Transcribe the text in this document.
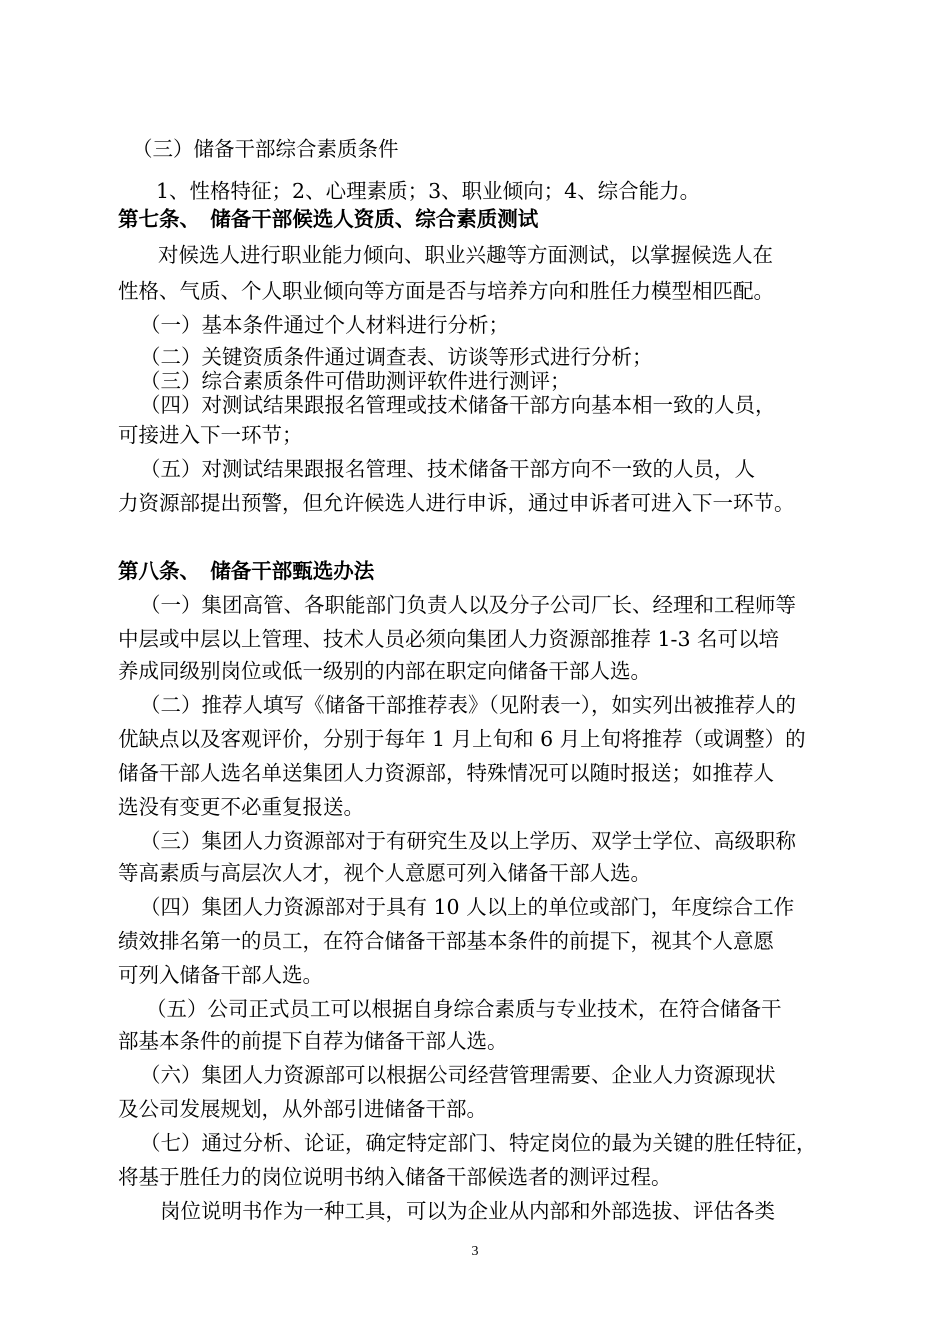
（三）储备干部综合素质条件
1、性格特征；2、心理素质；3、职业倾向；4、综合能力。
第七条、　储备干部候选人资质、综合素质测试
对候选人进行职业能力倾向、职业兴趣等方面测试，以掌握候选人在
性格、气质、个人职业倾向等方面是否与培养方向和胜任力模型相匹配。
（一）基本条件通过个人材料进行分析；
（二）关键资质条件通过调查表、访谈等形式进行分析；
（三）综合素质条件可借助测评软件进行测评；
（四）对测试结果跟报名管理或技术储备干部方向基本相一致的人员，
可接进入下一环节；
（五）对测试结果跟报名管理、技术储备干部方向不一致的人员，人
力资源部提出预警，但允许候选人进行申诉，通过申诉者可进入下一环节。
第八条、　储备干部甄选办法
（一）集团高管、各职能部门负责人以及分子公司厂长、经理和工程师等
中层或中层以上管理、技术人员必须向集团人力资源部推荐 1-3 名可以培
养成同级别岗位或低一级别的内部在职定向储备干部人选。
（二）推荐人填写《储备干部推荐表》（见附表一），如实列出被推荐人的
优缺点以及客观评价，分别于每年 1 月上旬和 6 月上旬将推荐（或调整）的
储备干部人选名单送集团人力资源部，特殊情况可以随时报送；如推荐人
选没有变更不必重复报送。
（三）集团人力资源部对于有研究生及以上学历、双学士学位、高级职称
等高素质与高层次人才，视个人意愿可列入储备干部人选。
（四）集团人力资源部对于具有 10 人以上的单位或部门，年度综合工作
绩效排名第一的员工，在符合储备干部基本条件的前提下，视其个人意愿
可列入储备干部人选。
（五）公司正式员工可以根据自身综合素质与专业技术，在符合储备干
部基本条件的前提下自荐为储备干部人选。
（六）集团人力资源部可以根据公司经营管理需要、企业人力资源现状
及公司发展规划，从外部引进储备干部。
（七）通过分析、论证，确定特定部门、特定岗位的最为关键的胜任特征，
将基于胜任力的岗位说明书纳入储备干部候选者的测评过程。
岗位说明书作为一种工具，可以为企业从内部和外部选拔、评估各类
3
